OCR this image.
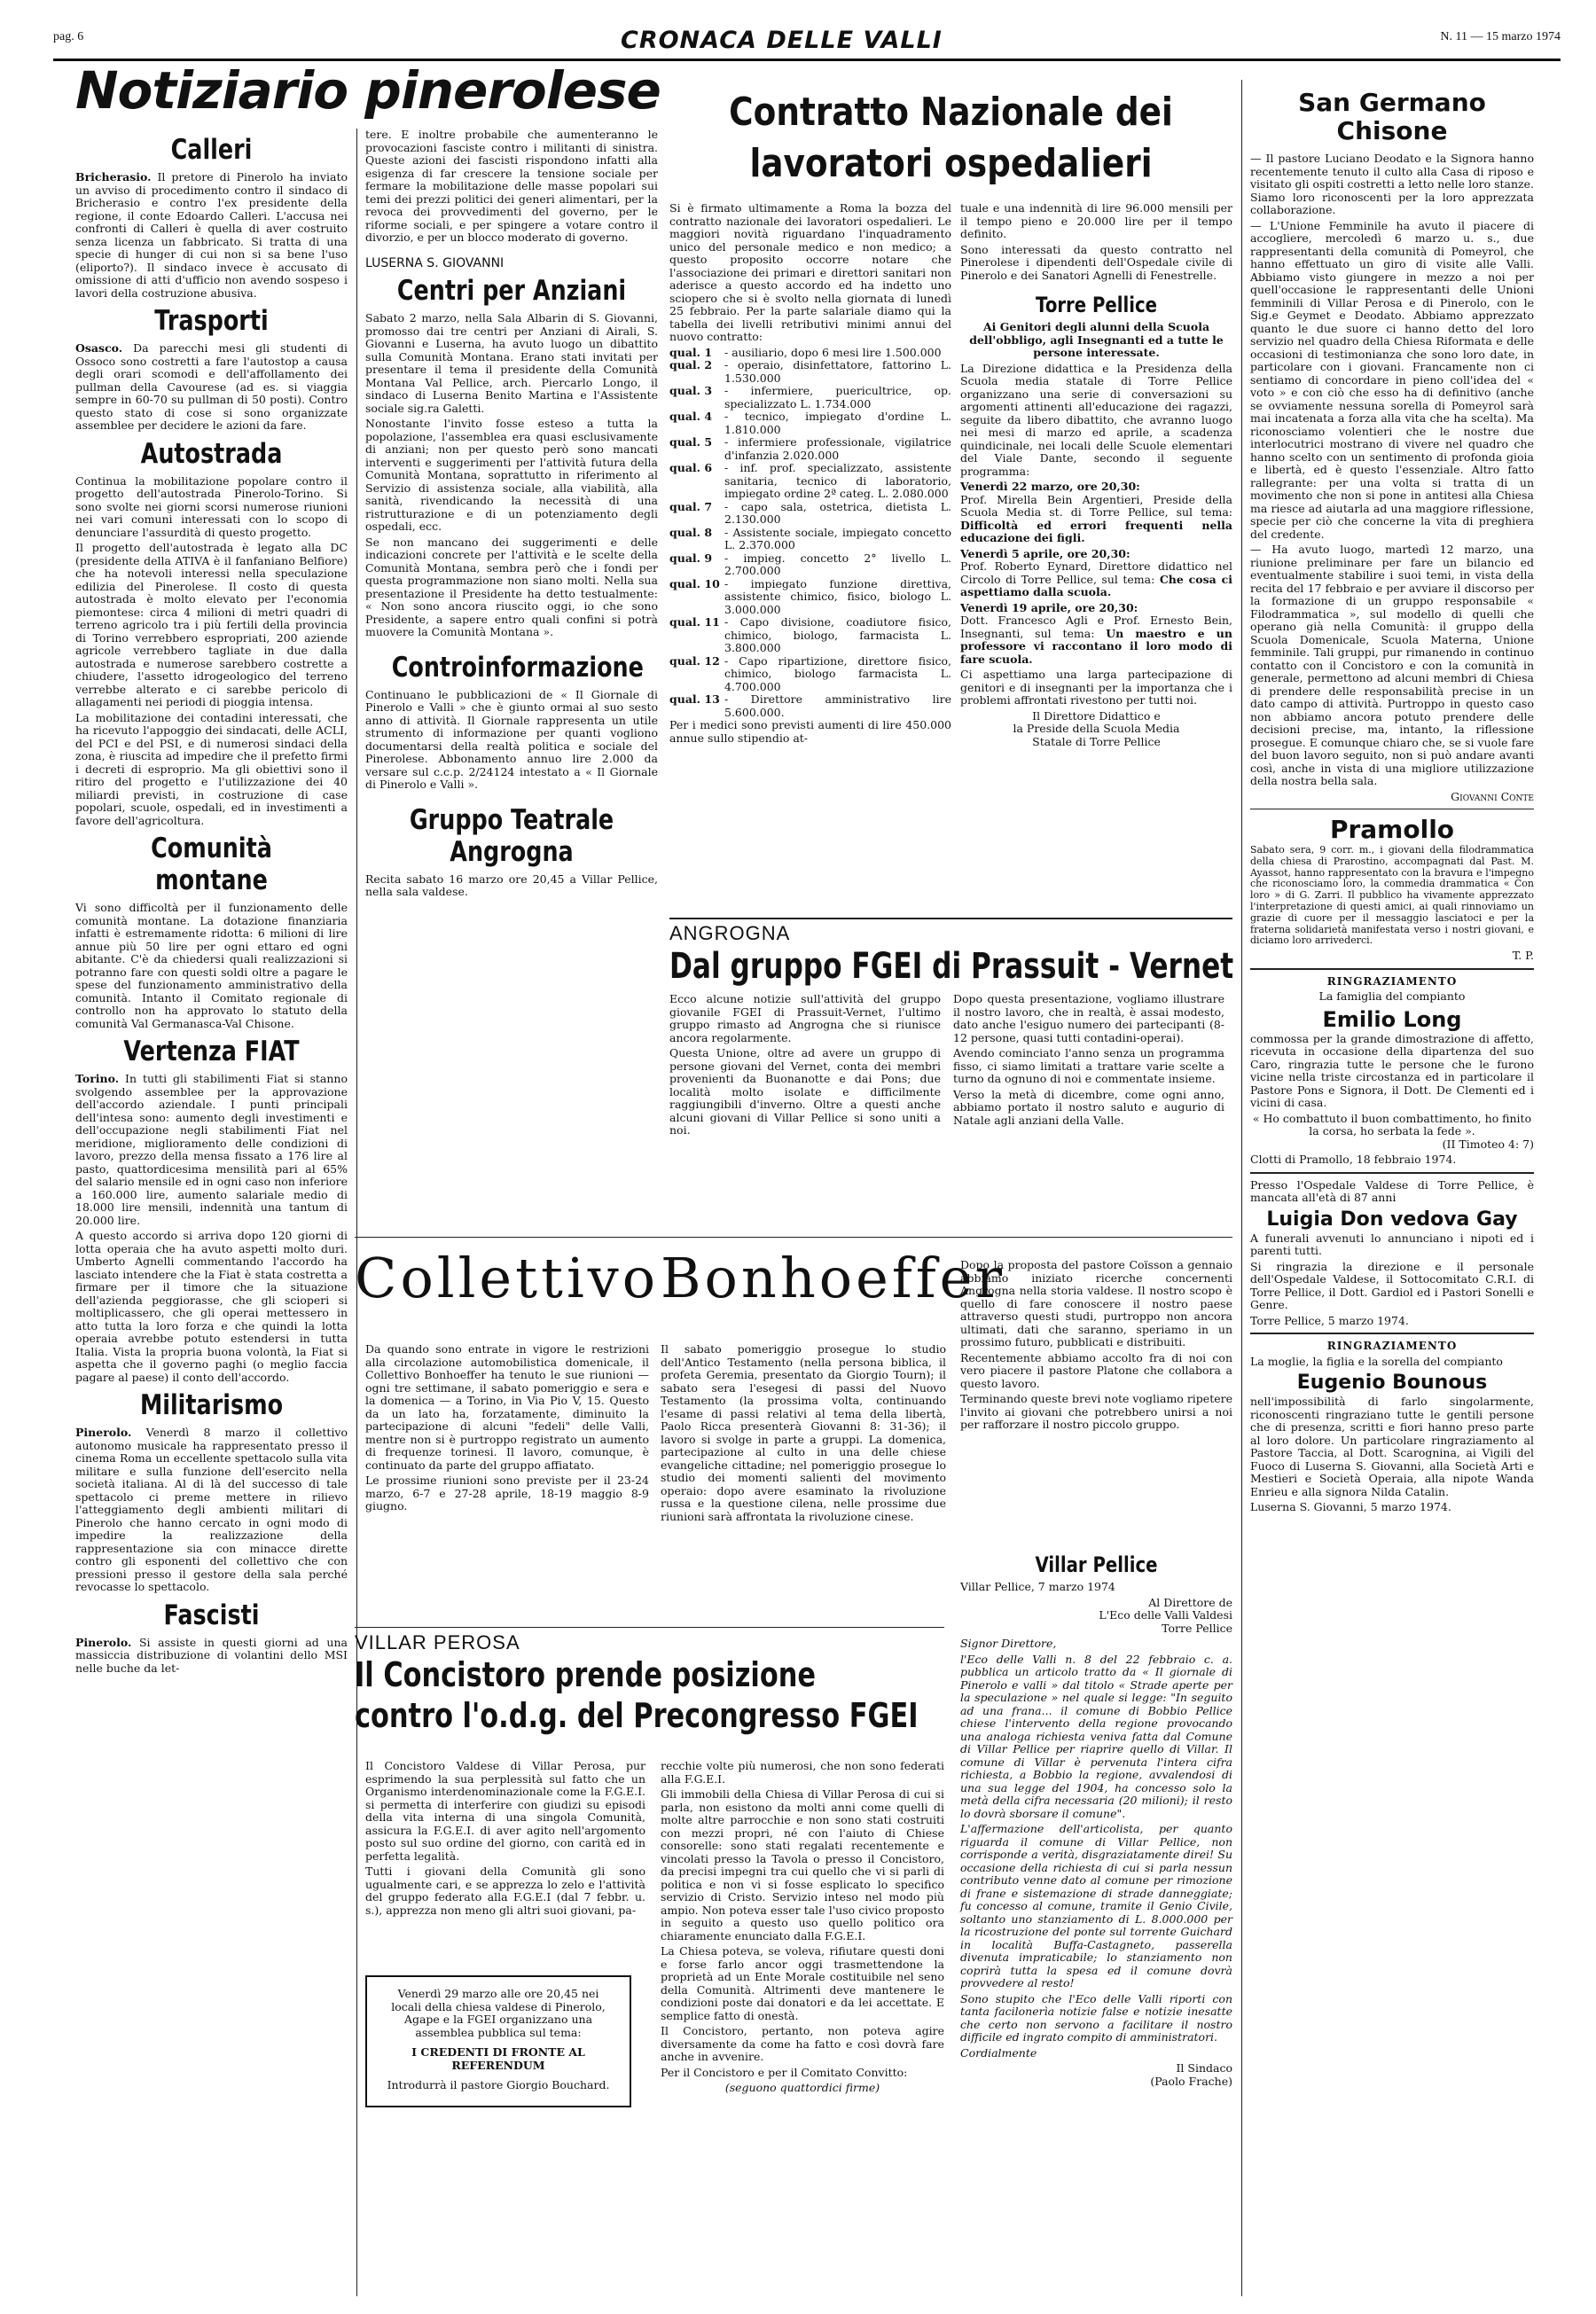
pag. 6	CRONACA DELLE VALLI	N. 11 — 15 marzo 1974
Notiziario pinerolese
Calleri

Bricherasio. Il pretore di Pinerolo ha inviato un avviso di procedimento contro il sindaco di Bricherasio e contro l'ex presidente della regione, il conte Edoardo Calleri. L'accusa nei confronti di Calleri è quella di aver costruito senza licenza un fabbricato. Si tratta di una specie di hunger di cui non si sa bene l'uso (eliporto?). Il sindaco invece è accusato di omissione di atti d'ufficio non avendo sospeso i lavori della costruzione abusiva.

Trasporti

Osasco. Da parecchi mesi gli studenti di Ossoco sono costretti a fare l'autostop a causa degli orari scomodi e dell'affollamento dei pullman della Cavourese (ad es. si viaggia sempre in 60-70 su pullman di 50 posti). Contro questo stato di cose si sono organizzate assemblee per decidere le azioni da fare.

Autostrada

Continua la mobilitazione popolare contro il progetto dell'autostrada Pinerolo-Torino. Si sono svolte nei giorni scorsi numerose riunioni nei vari comuni interessati con lo scopo di denunciare l'assurdità di questo progetto.

Il progetto dell'autostrada è legato alla DC (presidente della ATIVA è il fanfaniano Belfiore) che ha notevoli interessi nella speculazione edilizia del Pinerolese. Il costo di questa autostrada è molto elevato per l'economia piemontese: circa 4 milioni di metri quadri di terreno agricolo tra i più fertili della provincia di Torino verrebbero espropriati, 200 aziende agricole verrebbero tagliate in due dalla autostrada e numerose sarebbero costrette a chiudere, l'assetto idrogeologico del terreno verrebbe alterato e ci sarebbe pericolo di allagamenti nei periodi di pioggia intensa.

La mobilitazione dei contadini interessati, che ha ricevuto l'appoggio dei sindacati, delle ACLI, del PCI e del PSI, e di numerosi sindaci della zona, è riuscita ad impedire che il prefetto firmi i decreti di esproprio. Ma gli obiettivi sono il ritiro del progetto e l'utilizzazione dei 40 miliardi previsti, in costruzione di case popolari, scuole, ospedali, ed in investimenti a favore dell'agricoltura.

Comunità montane

Vi sono difficoltà per il funzionamento delle comunità montane. La dotazione finanziaria infatti è estremamente ridotta: 6 milioni di lire annue più 50 lire per ogni ettaro ed ogni abitante. C'è da chiedersi quali realizzazioni si potranno fare con questi soldi oltre a pagare le spese del funzionamento amministrativo della comunità. Intanto il Comitato regionale di controllo non ha approvato lo statuto della comunità Val Germanasca-Val Chisone.

Vertenza FIAT

Torino. In tutti gli stabilimenti Fiat si stanno svolgendo assemblee per la approvazione dell'accordo aziendale. I punti principali dell'intesa sono: aumento degli investimenti e dell'occupazione negli stabilimenti Fiat nel meridione, miglioramento delle condizioni di lavoro, prezzo della mensa fissato a 176 lire al pasto, quattordicesima mensilità pari al 65% del salario mensile ed in ogni caso non inferiore a 160.000 lire, aumento salariale medio di 18.000 lire mensili, indennità una tantum di 20.000 lire.

A questo accordo si arriva dopo 120 giorni di lotta operaia che ha avuto aspetti molto duri. Umberto Agnelli commentando l'accordo ha lasciato intendere che la Fiat è stata costretta a firmare per il timore che la situazione dell'azienda peggiorasse, che gli scioperi si moltiplicassero, che gli operai mettessero in atto tutta la loro forza e che quindi la lotta operaia avrebbe potuto estendersi in tutta Italia. Vista la propria buona volontà, la Fiat si aspetta che il governo paghi (o meglio faccia pagare al paese) il conto dell'accordo.

Militarismo

Pinerolo. Venerdì 8 marzo il collettivo autonomo musicale ha rappresentato presso il cinema Roma un eccellente spettacolo sulla vita militare e sulla funzione dell'esercito nella società italiana. Al di là del successo di tale spettacolo ci preme mettere in rilievo l'atteggiamento degli ambienti militari di Pinerolo che hanno cercato in ogni modo di impedire la realizzazione della rappresentazione sia con minacce dirette contro gli esponenti del collettivo che con pressioni presso il gestore della sala perché revocasse lo spettacolo.

Fascisti

Pinerolo. Si assiste in questi giorni ad una massiccia distribuzione di volantini dello MSI nelle buche da let-

tere. E inoltre probabile che aumenteranno le provocazioni fasciste contro i militanti di sinistra. Queste azioni dei fascisti rispondono infatti alla esigenza di far crescere la tensione sociale per fermare la mobilitazione delle masse popolari sui temi dei prezzi politici dei generi alimentari, per la revoca dei provvedimenti del governo, per le riforme sociali, e per spingere a votare contro il divorzio, e per un blocco moderato di governo.

LUSERNA S. GIOVANNI
Centri per Anziani

Sabato 2 marzo, nella Sala Albarin di S. Giovanni, promosso dai tre centri per Anziani di Airali, S. Giovanni e Luserna, ha avuto luogo un dibattito sulla Comunità Montana. Erano stati invitati per presentare il tema il presidente della Comunità Montana Val Pellice, arch. Piercarlo Longo, il sindaco di Luserna Benito Martina e l'Assistente sociale sig.ra Galetti.

Nonostante l'invito fosse esteso a tutta la popolazione, l'assemblea era quasi esclusivamente di anziani; non per questo però sono mancati interventi e suggerimenti per l'attività futura della Comunità Montana, soprattutto in riferimento al Servizio di assistenza sociale, alla viabilità, alla sanità, rivendicando la necessità di una ristrutturazione e di un potenziamento degli ospedali, ecc.

Se non mancano dei suggerimenti e delle indicazioni concrete per l'attività e le scelte della Comunità Montana, sembra però che i fondi per questa programmazione non siano molti. Nella sua presentazione il Presidente ha detto testualmente: « Non sono ancora riuscito oggi, io che sono Presidente, a sapere entro quali confini si potrà muovere la Comunità Montana ».

Controinformazione

Continuano le pubblicazioni de « Il Giornale di Pinerolo e Valli » che è giunto ormai al suo sesto anno di attività. Il Giornale rappresenta un utile strumento di informazione per quanti vogliono documentarsi della realtà politica e sociale del Pinerolese. Abbonamento annuo lire 2.000 da versare sul c.c.p. 2/24124 intestato a « Il Giornale di Pinerolo e Valli ».

Gruppo Teatrale Angrogna

Recita sabato 16 marzo ore 20,45 a Villar Pellice, nella sala valdese.

Contratto Nazionale dei lavoratori ospedalieri

Si è firmato ultimamente a Roma la bozza del contratto nazionale dei lavoratori ospedalieri. Le maggiori novità riguardano l'inquadramento unico del personale medico e non medico; a questo proposito occorre notare che l'associazione dei primari e direttori sanitari non aderisce a questo accordo ed ha indetto uno sciopero che si è svolto nella giornata di lunedì 25 febbraio. Per la parte salariale diamo qui la tabella dei livelli retributivi minimi annui del nuovo contratto:

qual. 1	- ausiliario, dopo 6 mesi lire 1.500.000
qual. 2	- operaio, disinfettatore, fattorino L. 1.530.000
qual. 3	- infermiere, puericultrice, op. specializzato L. 1.734.000
qual. 4	- tecnico, impiegato d'ordine L. 1.810.000
qual. 5	- infermiere professionale, vigilatrice d'infanzia 2.020.000
qual. 6	- inf. prof. specializzato, assistente sanitaria, tecnico di laboratorio, impiegato ordine 2ª categ. L. 2.080.000
qual. 7	- capo sala, ostetrica, dietista L. 2.130.000
qual. 8	- Assistente sociale, impiegato concetto L. 2.370.000
qual. 9	- impieg. concetto 2° livello L. 2.700.000
qual. 10 - impiegato funzione direttiva, assistente chimico, fisico, biologo L. 3.000.000
qual. 11 - Capo divisione, coadiutore fisico, chimico, biologo, farmacista L. 3.800.000
qual. 12 - Capo ripartizione, direttore fisico, chimico, biologo farmacista L. 4.700.000
qual. 13 - Direttore amministrativo lire 5.600.000.

Per i medici sono previsti aumenti di lire 450.000 annue sullo stipendio at-

tuale e una indennità di lire 96.000 mensili per il tempo pieno e 20.000 lire per il tempo definito.

Sono interessati da questo contratto nel Pinerolese i dipendenti dell'Ospedale civile di Pinerolo e dei Sanatori Agnelli di Fenestrelle.

Torre Pellice

Ai Genitori degli alunni della Scuola dell'obbligo, agli Insegnanti ed a tutte le persone interessate.

La Direzione didattica e la Presidenza della Scuola media statale di Torre Pellice organizzano una serie di conversazioni su argomenti attinenti all'educazione dei ragazzi, seguite da libero dibattito, che avranno luogo nei mesi di marzo ed aprile, a scadenza quindicinale, nei locali delle Scuole elementari del Viale Dante, secondo il seguente programma:

Venerdì 22 marzo, ore 20,30:
Prof. Mirella Bein Argentieri, Preside della Scuola Media st. di Torre Pellice, sul tema: Difficoltà ed errori frequenti nella educazione dei figli.

Venerdì 5 aprile, ore 20,30:
Prof. Roberto Eynard, Direttore didattico nel Circolo di Torre Pellice, sul tema: Che cosa ci aspettiamo dalla scuola.

Venerdì 19 aprile, ore 20,30:
Dott. Francesco Agli e Prof. Ernesto Bein, Insegnanti, sul tema: Un maestro e un professore vi raccontano il loro modo di fare scuola.

Ci aspettiamo una larga partecipazione di genitori e di insegnanti per la importanza che i problemi affrontati rivestono per tutti noi.

Il Direttore Didattico e

la Preside della Scuola Media

Statale di Torre Pellice

ANGROGNA
Dal gruppo FGEI di Prassuit - Vernet

Ecco alcune notizie sull'attività del gruppo giovanile FGEI di Prassuit-Vernet, l'ultimo gruppo rimasto ad Angrogna che si riunisce ancora regolarmente.

Questa Unione, oltre ad avere un gruppo di persone giovani del Vernet, conta dei membri provenienti da Buonanotte e dai Pons; due località molto isolate e difficilmente raggiungibili d'inverno. Oltre a questi anche alcuni giovani di Villar Pellice si sono uniti a noi.

Dopo questa presentazione, vogliamo illustrare il nostro lavoro, che in realtà, è assai modesto, dato anche l'esiguo numero dei partecipanti (8-12 persone, quasi tutti contadini-operai).

Avendo cominciato l'anno senza un programma fisso, ci siamo limitati a trattare varie scelte a turno da ognuno di noi e commentate insieme.

Verso la metà di dicembre, come ogni anno, abbiamo portato il nostro saluto e augurio di Natale agli anziani della Valle.

Collettivo Bonhoeffer

Dopo la proposta del pastore Coïsson a gennaio abbiamo iniziato ricerche concernenti Angrogna nella storia valdese. Il nostro scopo è quello di fare conoscere il nostro paese attraverso questi studi, purtroppo non ancora ultimati, dati che saranno, speriamo in un prossimo futuro, pubblicati e distribuiti.

Recentemente abbiamo accolto fra di noi con vero piacere il pastore Platone che collabora a questo lavoro.

Terminando queste brevi note vogliamo ripetere l'invito ai giovani che potrebbero unirsi a noi per rafforzare il nostro piccolo gruppo.

Da quando sono entrate in vigore le restrizioni alla circolazione automobilistica domenicale, il Collettivo Bonhoeffer ha tenuto le sue riunioni — ogni tre settimane, il sabato pomeriggio e sera e la domenica — a Torino, in Via Pio V, 15. Questo da un lato ha, forzatamente, diminuito la partecipazione di alcuni "fedeli" delle Valli, mentre non si è purtroppo registrato un aumento di frequenze torinesi. Il lavoro, comunque, è continuato da parte del gruppo affiatato.

Le prossime riunioni sono previste per il 23-24 marzo, 6-7 e 27-28 aprile, 18-19 maggio 8-9 giugno.

Il sabato pomeriggio prosegue lo studio dell'Antico Testamento (nella persona biblica, il profeta Geremia, presentato da Giorgio Tourn); il sabato sera l'esegesi di passi del Nuovo Testamento (la prossima volta, continuando l'esame di passi relativi al tema della libertà, Paolo Ricca presenterà Giovanni 8: 31-36); il lavoro si svolge in parte a gruppi. La domenica, partecipazione al culto in una delle chiese evangeliche cittadine; nel pomeriggio prosegue lo studio dei momenti salienti del movimento operaio: dopo avere esaminato la rivoluzione russa e la questione cilena, nelle prossime due riunioni sarà affrontata la rivoluzione cinese.

VILLAR PEROSA
Il Concistoro prende posizione
contro l'o.d.g. del Precongresso FGEI

Il Concistoro Valdese di Villar Perosa, pur esprimendo la sua perplessità sul fatto che un Organismo interdenominazionale come la F.G.E.I. si permetta di interferire con giudizi su episodi della vita interna di una singola Comunità, assicura la F.G.E.I. di aver agito nell'argomento posto sul suo ordine del giorno, con carità ed in perfetta legalità.

Tutti i giovani della Comunità gli sono ugualmente cari, e se apprezza lo zelo e l'attività del gruppo federato alla F.G.E.I (dal 7 febbr. u. s.), apprezza non meno gli altri suoi giovani, pa-

Venerdì 29 marzo alle ore 20,45 nei locali della chiesa valdese di Pinerolo, Agape e la FGEI organizzano una assemblea pubblica sul tema:

I CREDENTI DI FRONTE AL REFERENDUM

Introdurrà il pastore Giorgio Bouchard.

recchie volte più numerosi, che non sono federati alla F.G.E.I.

Gli immobili della Chiesa di Villar Perosa di cui si parla, non esistono da molti anni come quelli di molte altre parrocchie e non sono stati costruiti con mezzi propri, né con l'aiuto di Chiese consorelle: sono stati regalati recentemente e vincolati presso la Tavola o presso il Concistoro, da precisi impegni tra cui quello che vi si parli di politica e non vi si fosse esplicato lo specifico servizio di Cristo. Servizio inteso nel modo più ampio. Non poteva esser tale l'uso civico proposto in seguito a questo uso quello politico ora chiaramente enunciato dalla F.G.E.I.

La Chiesa poteva, se voleva, rifiutare questi doni e forse farlo ancor oggi trasmettendone la proprietà ad un Ente Morale costituibile nel seno della Comunità. Altrimenti deve mantenere le condizioni poste dai donatori e da lei accettate. E semplice fatto di onestà.

Il Concistoro, pertanto, non poteva agire diversamente da come ha fatto e così dovrà fare anche in avvenire.

Per il Concistoro e per il Comitato Convitto:

(seguono quattordici firme)

Villar Pellice

Villar Pellice, 7 marzo 1974

Al Direttore de

L'Eco delle Valli Valdesi

Torre Pellice

Signor Direttore,

l'Eco delle Valli n. 8 del 22 febbraio c. a. pubblica un articolo tratto da « Il giornale di Pinerolo e valli » dal titolo « Strade aperte per la speculazione » nel quale si legge: "In seguito ad una frana... il comune di Bobbio Pellice chiese l'intervento della regione provocando una analoga richiesta veniva fatta dal Comune di Villar Pellice per riaprire quello di Villar. Il comune di Villar è pervenuta l'intera cifra richiesta, a Bobbio la regione, avvalendosi di una sua legge del 1904, ha concesso solo la metà della cifra necessaria (20 milioni); il resto lo dovrà sborsare il comune".

L'affermazione dell'articolista, per quanto riguarda il comune di Villar Pellice, non corrisponde a verità, disgraziatamente direi! Su occasione della richiesta di cui si parla nessun contributo venne dato al comune per rimozione di frane e sistemazione di strade danneggiate; fu concesso al comune, tramite il Genio Civile, soltanto uno stanziamento di L. 8.000.000 per la ricostruzione del ponte sul torrente Guichard in località Buffa-Castagneto, passerella divenuta impraticabile; lo stanziamento non coprirà tutta la spesa ed il comune dovrà provvedere al resto!

Sono stupito che l'Eco delle Valli riporti con tanta facilonerìa notizie false e notizie inesatte che certo non servono a facilitare il nostro difficile ed ingrato compito di amministratori.

Cordialmente

Il Sindaco

(Paolo Frache)

San Germano Chisone

— Il pastore Luciano Deodato e la Signora hanno recentemente tenuto il culto alla Casa di riposo e visitato gli ospiti costretti a letto nelle loro stanze. Siamo loro riconoscenti per la loro apprezzata collaborazione.

— L'Unione Femminile ha avuto il piacere di accogliere, mercoledì 6 marzo u. s., due rappresentanti della comunità di Pomeyrol, che hanno effettuato un giro di visite alle Valli. Abbiamo visto giungere in mezzo a noi per quell'occasione le rappresentanti delle Unioni femminili di Villar Perosa e di Pinerolo, con le Sig.e Geymet e Deodato. Abbiamo apprezzato quanto le due suore ci hanno detto del loro servizio nel quadro della Chiesa Riformata e delle occasioni di testimonianza che sono loro date, in particolare con i giovani. Francamente non ci sentiamo di concordare in pieno coll'idea del « voto » e con ciò che esso ha di definitivo (anche se ovviamente nessuna sorella di Pomeyrol sarà mai incatenata a forza alla vita che ha scelta). Ma riconosciamo volentieri che le nostre due interlocutrici mostrano di vivere nel quadro che hanno scelto con un sentimento di profonda gioia e libertà, ed è questo l'essenziale. Altro fatto rallegrante: per una volta si tratta di un movimento che non si pone in antitesi alla Chiesa ma riesce ad aiutarla ad una maggiore riflessione, specie per ciò che concerne la vita di preghiera del credente.

— Ha avuto luogo, martedì 12 marzo, una riunione preliminare per fare un bilancio ed eventualmente stabilire i suoi temi, in vista della recita del 17 febbraio e per avviare il discorso per la formazione di un gruppo responsabile « Filodrammatica », sul modello di quelli che operano già nella Comunità: il gruppo della Scuola Domenicale, Scuola Materna, Unione femminile. Tali gruppi, pur rimanendo in continuo contatto con il Concistoro e con la comunità in generale, permettono ad alcuni membri di Chiesa di prendere delle responsabilità precise in un dato campo di attività. Purtroppo in questo caso non abbiamo ancora potuto prendere delle decisioni precise, ma, intanto, la riflessione prosegue. E comunque chiaro che, se si vuole fare del buon lavoro seguito, non si può andare avanti così, anche in vista di una migliore utilizzazione della nostra bella sala.

Giovanni Conte

Pramollo

Sabato sera, 9 corr. m., i giovani della filodrammatica della chiesa di Prarostino, accompagnati dal Past. M. Ayassot, hanno rappresentato con la bravura e l'impegno che riconosciamo loro, la commedia drammatica « Con loro » di G. Zarri. Il pubblico ha vivamente apprezzato l'interpretazione di questi amici, ai quali rinnoviamo un grazie di cuore per il messaggio lasciatoci e per la fraterna solidarietà manifestata verso i nostri giovani, e diciamo loro arrivederci.

T. P.

RINGRAZIAMENTO

La famiglia del compianto

Emilio Long

commossa per la grande dimostrazione di affetto, ricevuta in occasione della dipartenza del suo Caro, ringrazia tutte le persone che le furono vicine nella triste circostanza ed in particolare il Pastore Pons e Signora, il Dott. De Clementi ed i vicini di casa.

« Ho combattuto il buon combattimento, ho finito la corsa, ho serbata la fede ».

(II Timoteo 4: 7)

Clotti di Pramollo, 18 febbraio 1974.

Presso l'Ospedale Valdese di Torre Pellice, è mancata all'età di 87 anni

Luigia Don vedova Gay

A funerali avvenuti lo annunciano i nipoti ed i parenti tutti.

Si ringrazia la direzione e il personale dell'Ospedale Valdese, il Sottocomitato C.R.I. di Torre Pellice, il Dott. Gardiol ed i Pastori Sonelli e Genre.

Torre Pellice, 5 marzo 1974.

RINGRAZIAMENTO

La moglie, la figlia e la sorella del compianto

Eugenio Bounous

nell'impossibilità di farlo singolarmente, riconoscenti ringraziano tutte le gentili persone che di presenza, scritti e fiori hanno preso parte al loro dolore. Un particolare ringraziamento al Pastore Taccia, al Dott. Scarognina, ai Vigili del Fuoco di Luserna S. Giovanni, alla Società Arti e Mestieri e Società Operaia, alla nipote Wanda Enrieu e alla signora Nilda Catalin.

Luserna S. Giovanni, 5 marzo 1974.
